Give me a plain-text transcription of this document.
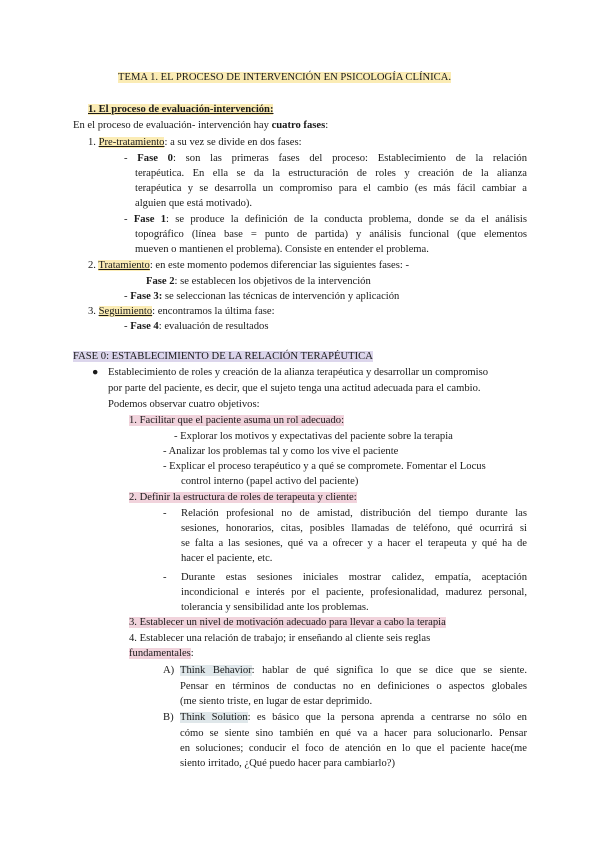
TEMA 1. EL PROCESO DE INTERVENCIÓN EN PSICOLOGÍA CLÍNICA.
1. El proceso de evaluación-intervención:
En el proceso de evaluación- intervención hay cuatro fases:
1. Pre-tratamiento: a su vez se divide en dos fases:
- Fase 0: son las primeras fases del proceso: Establecimiento de la relación
terapéutica. En ella se da la estructuración de roles y creación de la alianza
terapéutica y se desarrolla un compromiso para el cambio (es más fácil cambiar a
alguien que está motivado).
- Fase 1: se produce la definición de la conducta problema, donde se da el análisis
topográfico (línea base = punto de partida) y análisis funcional (que elementos
mueven o mantienen el problema). Consiste en entender el problema.
2. Tratamiento: en este momento podemos diferenciar las siguientes fases: -
Fase 2: se establecen los objetivos de la intervención
- Fase 3: se seleccionan las técnicas de intervención y aplicación
3. Seguimiento: encontramos la última fase:
- Fase 4: evaluación de resultados
FASE 0: ESTABLECIMIENTO DE LA RELACIÓN TERAPÉUTICA
● Establecimiento de roles y creación de la alianza terapéutica y desarrollar un compromiso
por parte del paciente, es decir, que el sujeto tenga una actitud adecuada para el cambio.
Podemos observar cuatro objetivos:
1. Facilitar que el paciente asuma un rol adecuado:
- Explorar los motivos y expectativas del paciente sobre la terapia
- Analizar los problemas tal y como los vive el paciente
- Explicar el proceso terapéutico y a qué se compromete. Fomentar el Locus
control interno (papel activo del paciente)
2. Definir la estructura de roles de terapeuta y cliente:
- Relación profesional no de amistad, distribución del tiempo durante las
sesiones, honorarios, citas, posibles llamadas de teléfono, qué ocurrirá si
se falta a las sesiones, qué va a ofrecer y a hacer el terapeuta y qué ha de
hacer el paciente, etc.
- Durante estas sesiones iniciales mostrar calidez, empatía, aceptación
incondicional e interés por el paciente, profesionalidad, madurez personal,
tolerancia y sensibilidad ante los problemas.
3. Establecer un nivel de motivación adecuado para llevar a cabo la terapia
4. Establecer una relación de trabajo; ir enseñando al cliente seis reglas
fundamentales:
A) Think Behavior: hablar de qué significa lo que se dice que se siente.
Pensar en términos de conductas no en definiciones o aspectos globales
(me siento triste, en lugar de estar deprimido.
B) Think Solution: es básico que la persona aprenda a centrarse no sólo en
cómo se siente sino también en qué va a hacer para solucionarlo. Pensar
en soluciones; conducir el foco de atención en lo que el paciente hace(me
siento irritado, ¿Qué puedo hacer para cambiarlo?)
